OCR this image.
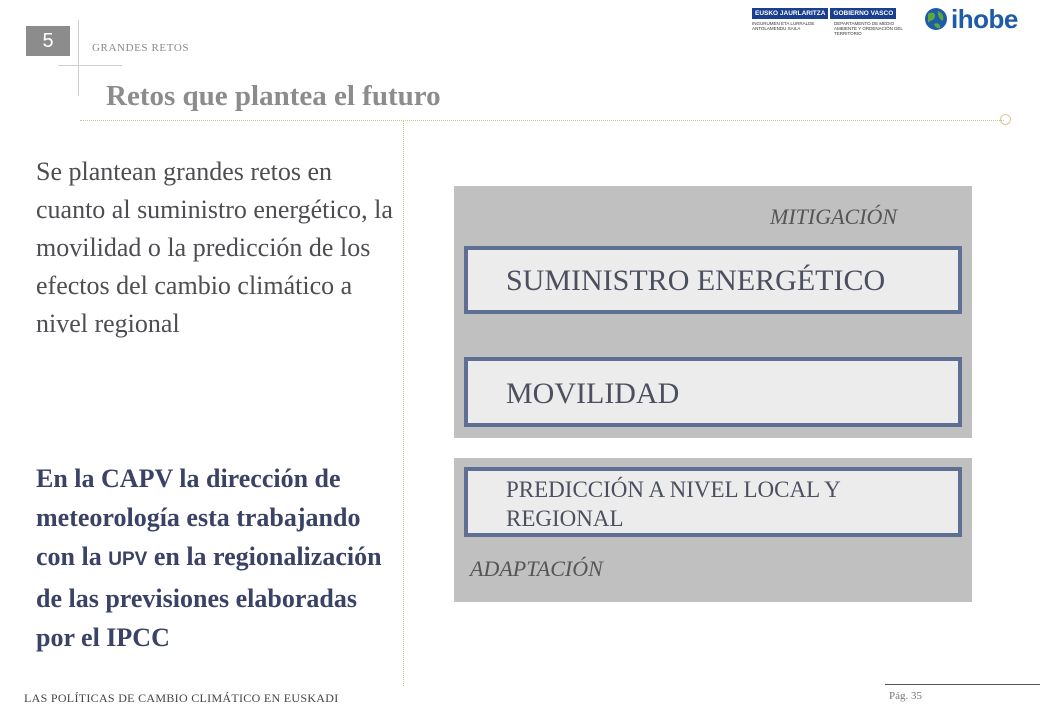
5	GRANDES RETOS
Retos que plantea el futuro
EUSKO JAURLARITZA	GOBIERNO VASCO
INGURUMEN ETA LURRALDE ANTOLAMENDU SAILA
DEPARTAMENTO DE MEDIO AMBIENTE Y ORDENACIÓN DEL TERRITORIO	ihobe
Se plantean grandes retos en cuanto al suministro energético, la movilidad o la predicción de los efectos del cambio climático a nivel regional
En la CAPV la dirección de meteorología esta trabajando con la UPV en la regionalización de las previsiones elaboradas por el IPCC
MITIGACIÓN
ADAPTACIÓN
SUMINISTRO ENERGÉTICO
MOVILIDAD
PREDICCIÓN A NIVEL LOCAL Y REGIONAL
LAS POLÍTICAS DE CAMBIO CLIMÁTICO EN EUSKADI	Pág. 35
